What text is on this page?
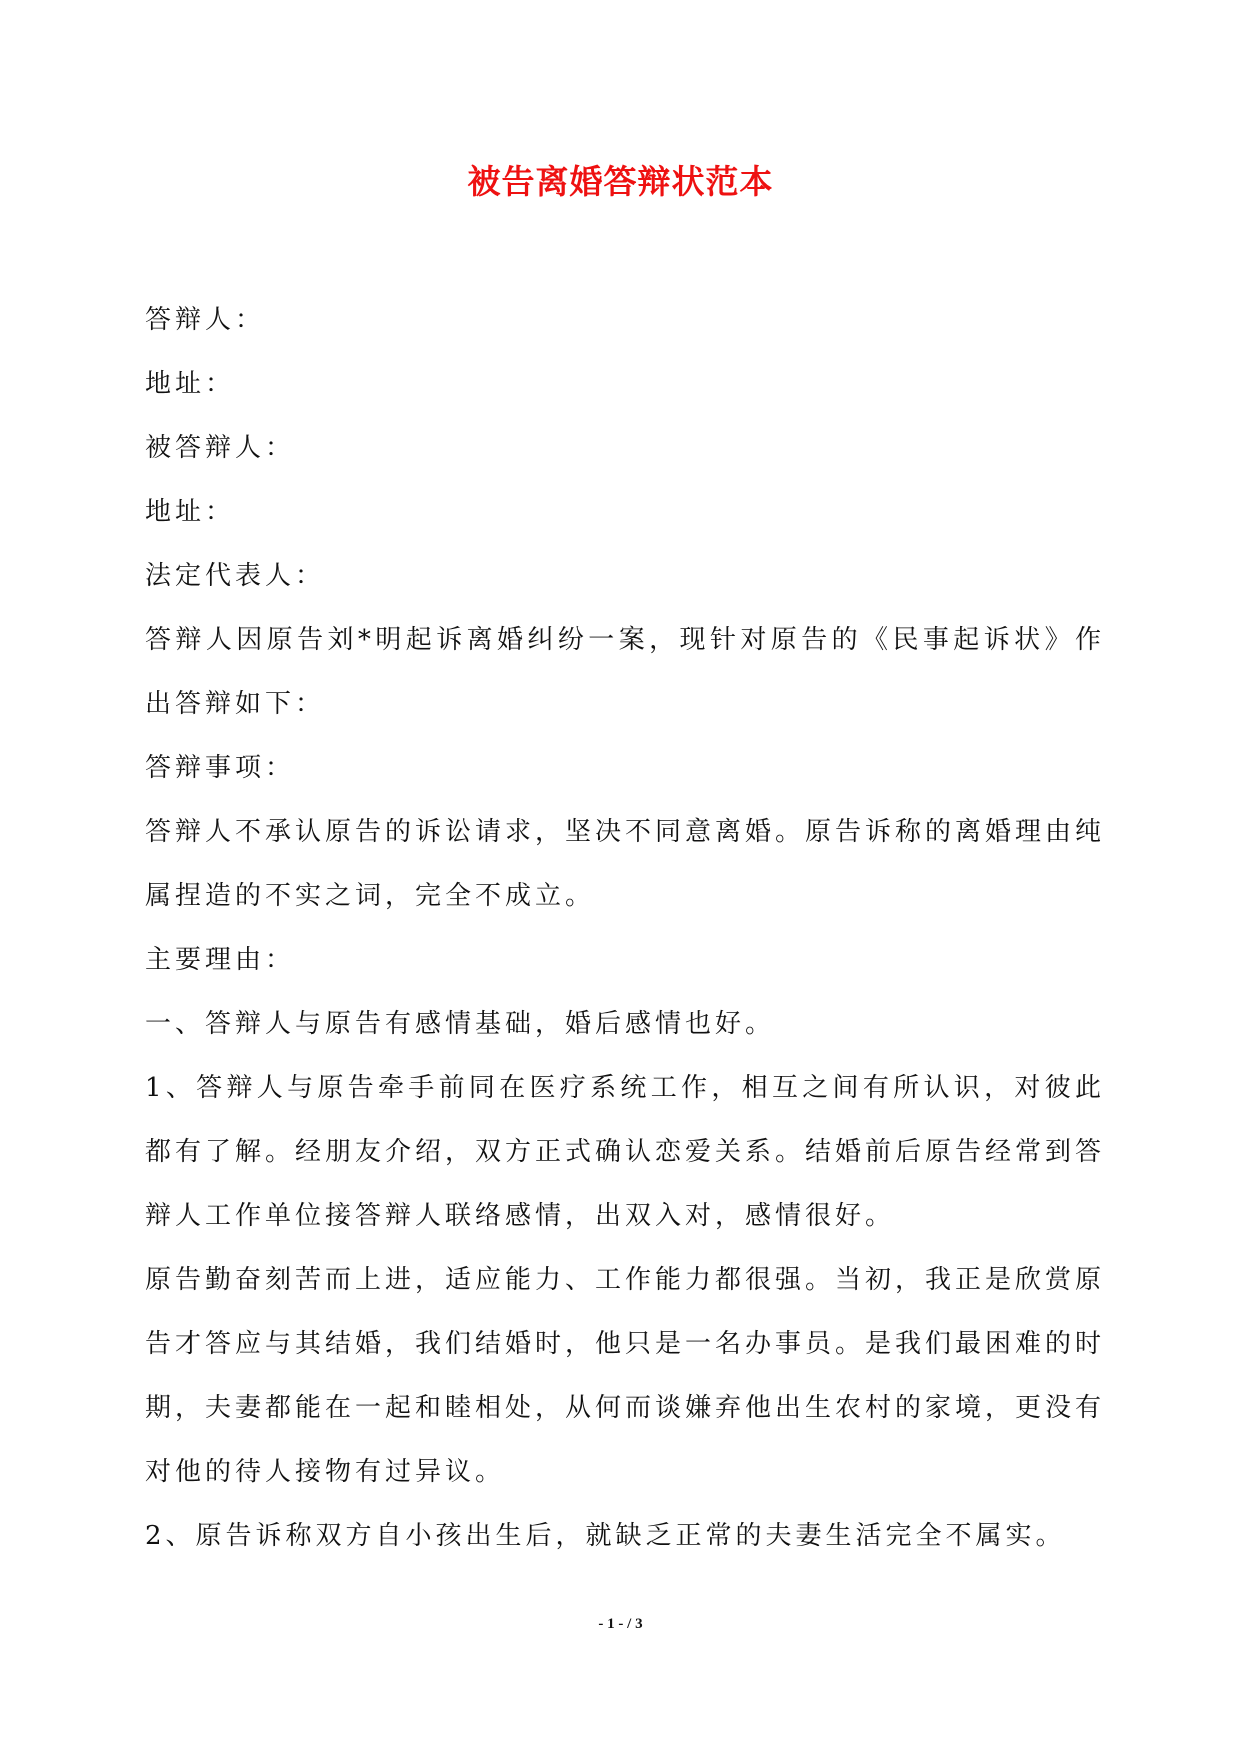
被告离婚答辩状范本

答辩人：

地址：

被答辩人：

地址：

法定代表人：

答辩人因原告刘*明起诉离婚纠纷一案，现针对原告的《民事起诉状》作出答辩如下：

答辩事项：

答辩人不承认原告的诉讼请求，坚决不同意离婚。原告诉称的离婚理由纯属捏造的不实之词，完全不成立。

主要理由：

一、答辩人与原告有感情基础，婚后感情也好。

1、答辩人与原告牵手前同在医疗系统工作，相互之间有所认识，对彼此都有了解。经朋友介绍，双方正式确认恋爱关系。结婚前后原告经常到答辩人工作单位接答辩人联络感情，出双入对，感情很好。

原告勤奋刻苦而上进，适应能力、工作能力都很强。当初，我正是欣赏原告才答应与其结婚，我们结婚时，他只是一名办事员。是我们最困难的时期，夫妻都能在一起和睦相处，从何而谈嫌弃他出生农村的家境，更没有对他的待人接物有过异议。

2、原告诉称双方自小孩出生后，就缺乏正常的夫妻生活完全不属实。

- 1 - / 3
